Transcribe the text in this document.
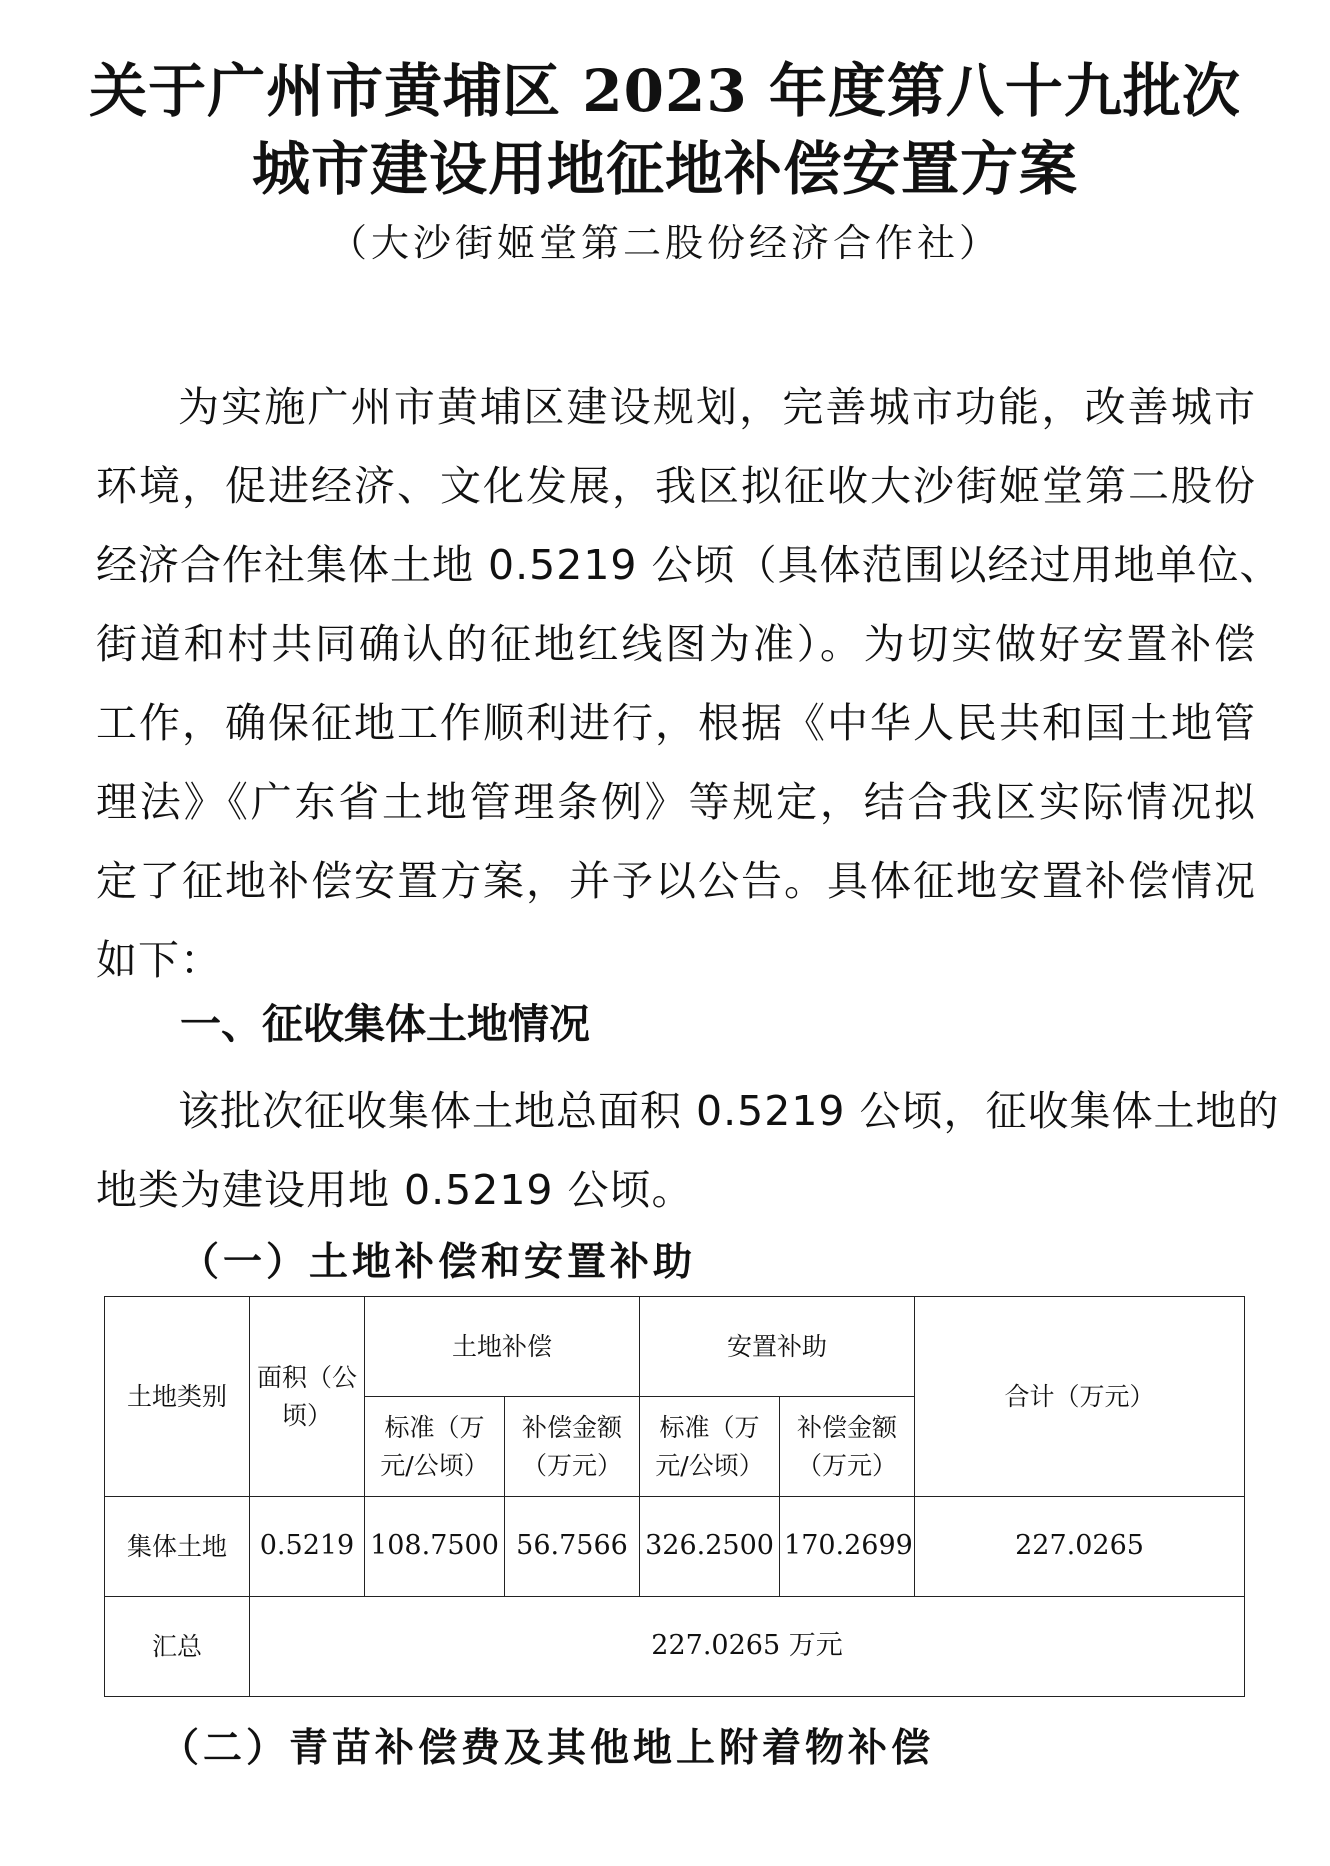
关于广州市黄埔区 2023 年度第八十九批次
城市建设用地征地补偿安置方案

（大沙街姬堂第二股份经济合作社）

为实施广州市黄埔区建设规划，完善城市功能，改善城市
环境，促进经济、文化发展，我区拟征收大沙街姬堂第二股份
经济合作社集体土地 0.5219 公顷（具体范围以经过用地单位、
街道和村共同确认的征地红线图为准）。为切实做好安置补偿
工作，确保征地工作顺利进行，根据《中华人民共和国土地管
理法》《广东省土地管理条例》等规定，结合我区实际情况拟
定了征地补偿安置方案，并予以公告。具体征地安置补偿情况
如下：
一、征收集体土地情况
该批次征收集体土地总面积 0.5219 公顷，征收集体土地的
地类为建设用地 0.5219 公顷。
（一）土地补偿和安置补助
土地类别	面积（公顷）	土地补偿		安置补助		合计（万元）
		标准（万元/公顷）	补偿金额（万元）	标准（万元/公顷）	补偿金额（万元）	
集体土地	0.5219	108.7500	56.7566	326.2500	170.2699	227.0265
汇总	227.0265 万元					
（二）青苗补偿费及其他地上附着物补偿
